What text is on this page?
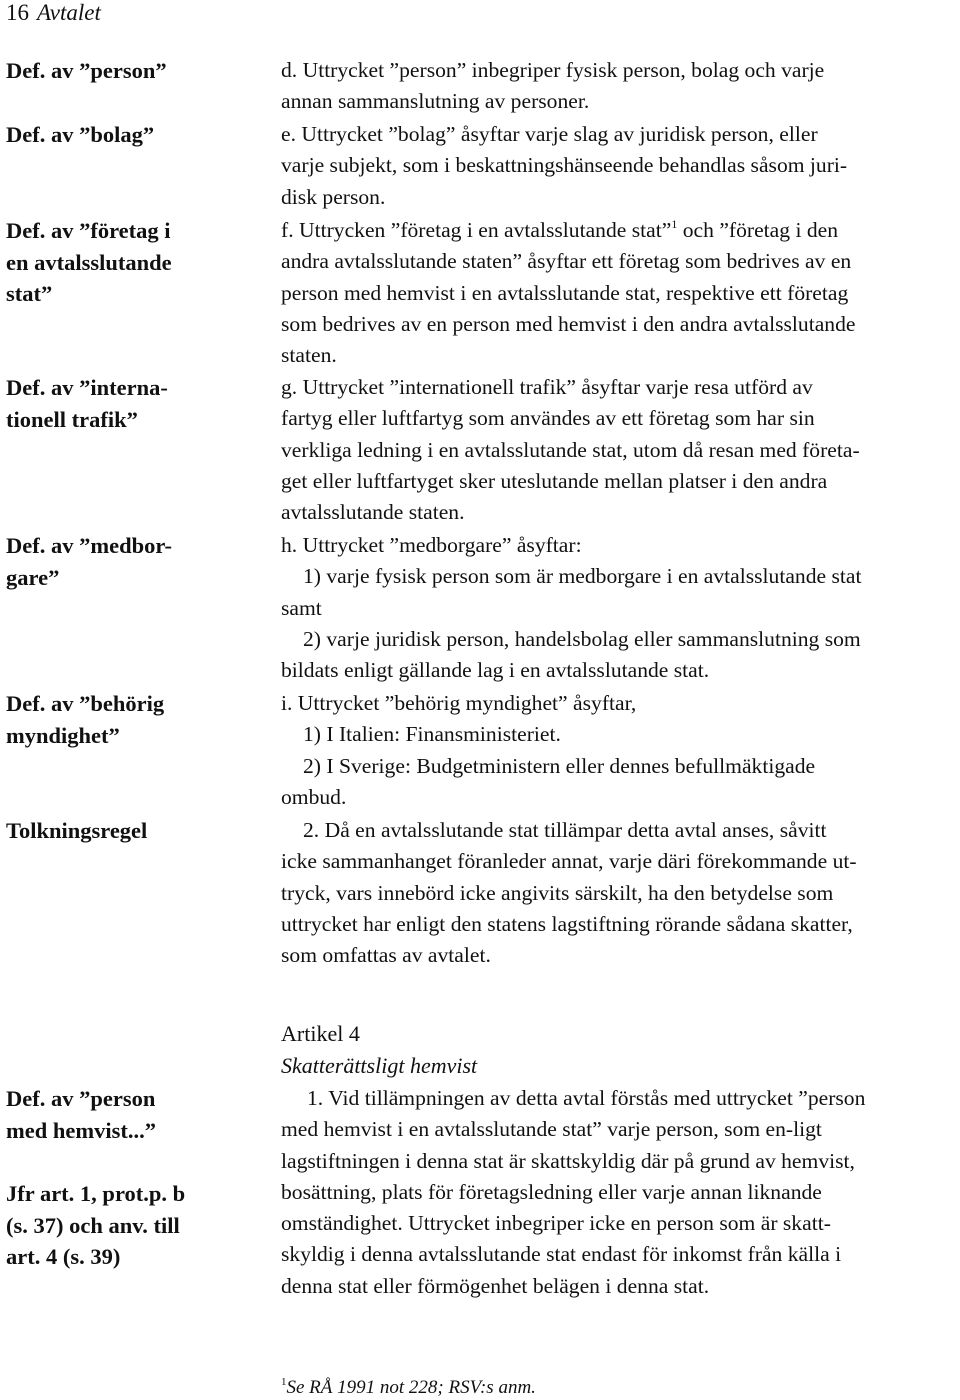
16 Avtalet
Def. av ”person”
Def. av ”bolag”
Def. av ”företag i
en avtalsslutande
stat”
Def. av ”interna-
tionell trafik”
Def. av ”medbor-
gare”
Def. av ”behörig
myndighet”
Tolkningsregel
Def. av ”person
med hemvist...”
Jfr art. 1, prot.p. b
(s. 37) och anv. till
art. 4 (s. 39)
d. Uttrycket ”person” inbegriper fysisk person, bolag och varje
annan sammanslutning av personer.
e. Uttrycket ”bolag” åsyftar varje slag av juridisk person, eller
varje subjekt, som i beskattningshänseende behandlas såsom juri-
disk person.
f. Uttrycken ”företag i en avtalsslutande stat”$^1$ och ”företag i den
andra avtalsslutande staten” åsyftar ett företag som bedrives av en
person med hemvist i en avtalsslutande stat, respektive ett företag
som bedrives av en person med hemvist i den andra avtalsslutande
staten.
g. Uttrycket ”internationell trafik” åsyftar varje resa utförd av
fartyg eller luftfartyg som användes av ett företag som har sin
verkliga ledning i en avtalsslutande stat, utom då resan med företa-
get eller luftfartyget sker uteslutande mellan platser i den andra
avtalsslutande staten.
h. Uttrycket ”medborgare” åsyftar:
1) varje fysisk person som är medborgare i en avtalsslutande stat
samt
2) varje juridisk person, handelsbolag eller sammanslutning som
bildats enligt gällande lag i en avtalsslutande stat.
i. Uttrycket ”behörig myndighet” åsyftar,
1) I Italien: Finansministeriet.
2) I Sverige: Budgetministern eller dennes befullmäktigade
ombud.
2. Då en avtalsslutande stat tillämpar detta avtal anses, såvitt
icke sammanhanget föranleder annat, varje däri förekommande ut-
tryck, vars innebörd icke angivits särskilt, ha den betydelse som
uttrycket har enligt den statens lagstiftning rörande sådana skatter,
som omfattas av avtalet.
Artikel 4
Skatterättsligt hemvist
1. Vid tillämpningen av detta avtal förstås med uttrycket ”person
med hemvist i en avtalsslutande stat” varje person, som en-ligt
lagstiftningen i denna stat är skattskyldig där på grund av hemvist,
bosättning, plats för företagsledning eller varje annan liknande
omständighet. Uttrycket inbegriper icke en person som är skatt-
skyldig i denna avtalsslutande stat endast för inkomst från källa i
denna stat eller förmögenhet belägen i denna stat.
$^1$Se RÅ 1991 not 228; RSV:s anm.
